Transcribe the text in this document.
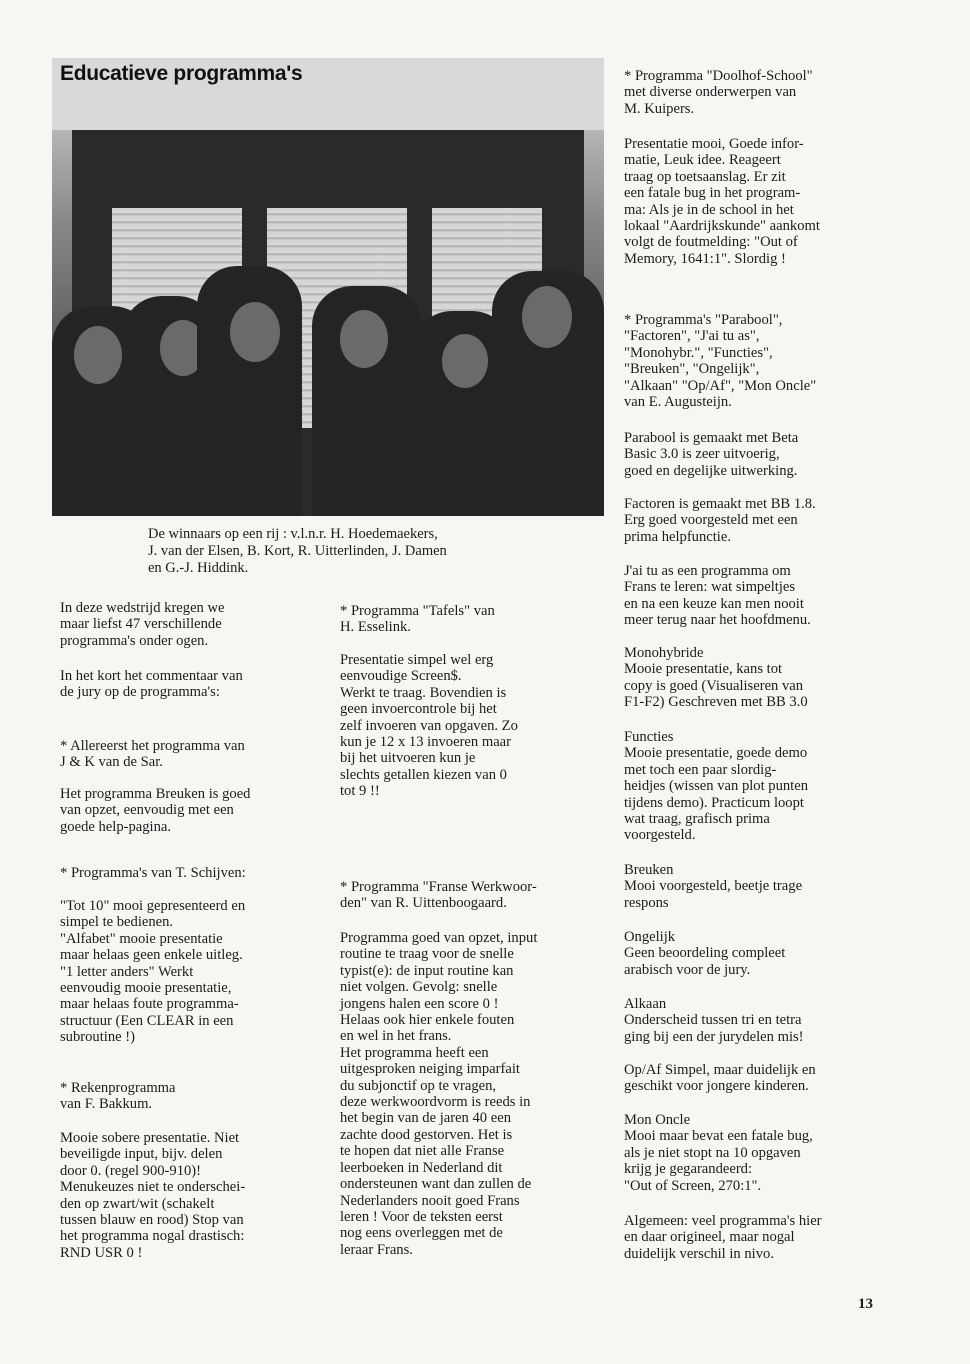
Educatieve programma's

De winnaars op een rij : v.l.n.r. H. Hoedemaekers,
J. van der Elsen, B. Kort, R. Uitterlinden, J. Damen
en G.-J. Hiddink.

In deze wedstrijd kregen we
maar liefst 47 verschillende
programma's onder ogen.

In het kort het commentaar van
de jury op de programma's:

* Allereerst het programma van
J & K van de Sar.

Het programma Breuken is goed
van opzet, eenvoudig met een
goede help-pagina.

* Programma's van T. Schijven:

"Tot 10" mooi gepresenteerd en
simpel te bedienen.
"Alfabet" mooie presentatie
maar helaas geen enkele uitleg.
"1 letter anders" Werkt
eenvoudig mooie presentatie,
maar helaas foute programma-
structuur (Een CLEAR in een
subroutine !)

* Rekenprogramma
van F. Bakkum.

Mooie sobere presentatie. Niet
beveiligde input, bijv. delen
door 0. (regel 900-910)!
Menukeuzes niet te onderschei-
den op zwart/wit (schakelt
tussen blauw en rood) Stop van
het programma nogal drastisch:
RND USR 0 !

* Programma "Tafels" van
H. Esselink.

Presentatie simpel wel erg
eenvoudige Screen$.
Werkt te traag. Bovendien is
geen invoercontrole bij het
zelf invoeren van opgaven. Zo
kun je 12 x 13 invoeren maar
bij het uitvoeren kun je
slechts getallen kiezen van 0
tot 9 !!

* Programma "Franse Werkwoor-
den" van R. Uittenboogaard.

Programma goed van opzet, input
routine te traag voor de snelle
typist(e): de input routine kan
niet volgen. Gevolg: snelle
jongens halen een score 0 !
Helaas ook hier enkele fouten
en wel in het frans.
Het programma heeft een
uitgesproken neiging imparfait
du subjonctif op te vragen,
deze werkwoordvorm is reeds in
het begin van de jaren 40 een
zachte dood gestorven. Het is
te hopen dat niet alle Franse
leerboeken in Nederland dit
ondersteunen want dan zullen de
Nederlanders nooit goed Frans
leren ! Voor de teksten eerst
nog eens overleggen met de
leraar Frans.

* Programma "Doolhof-School"
met diverse onderwerpen van
M. Kuipers.

Presentatie mooi, Goede infor-
matie, Leuk idee. Reageert
traag op toetsaanslag. Er zit
een fatale bug in het program-
ma: Als je in de school in het
lokaal "Aardrijkskunde" aankomt
volgt de foutmelding: "Out of
Memory, 1641:1". Slordig !

* Programma's "Parabool",
"Factoren", "J'ai tu as",
"Monohybr.", "Functies",
"Breuken", "Ongelijk",
"Alkaan" "Op/Af", "Mon Oncle"
van E. Augusteijn.

Parabool is gemaakt met Beta
Basic 3.0 is zeer uitvoerig,
goed en degelijke uitwerking.

Factoren is gemaakt met BB 1.8.
Erg goed voorgesteld met een
prima helpfunctie.

J'ai tu as een programma om
Frans te leren: wat simpeltjes
en na een keuze kan men nooit
meer terug naar het hoofdmenu.

Monohybride
Mooie presentatie, kans tot
copy is goed (Visualiseren van
F1-F2) Geschreven met BB 3.0

Functies
Mooie presentatie, goede demo
met toch een paar slordig-
heidjes (wissen van plot punten
tijdens demo). Practicum loopt
wat traag, grafisch prima
voorgesteld.

Breuken
Mooi voorgesteld, beetje trage
respons

Ongelijk
Geen beoordeling compleet
arabisch voor de jury.

Alkaan
Onderscheid tussen tri en tetra
ging bij een der jurydelen mis!

Op/Af Simpel, maar duidelijk en
geschikt voor jongere kinderen.

Mon Oncle
Mooi maar bevat een fatale bug,
als je niet stopt na 10 opgaven
krijg je gegarandeerd:
"Out of Screen, 270:1".

Algemeen: veel programma's hier
en daar origineel, maar nogal
duidelijk verschil in nivo.

13
